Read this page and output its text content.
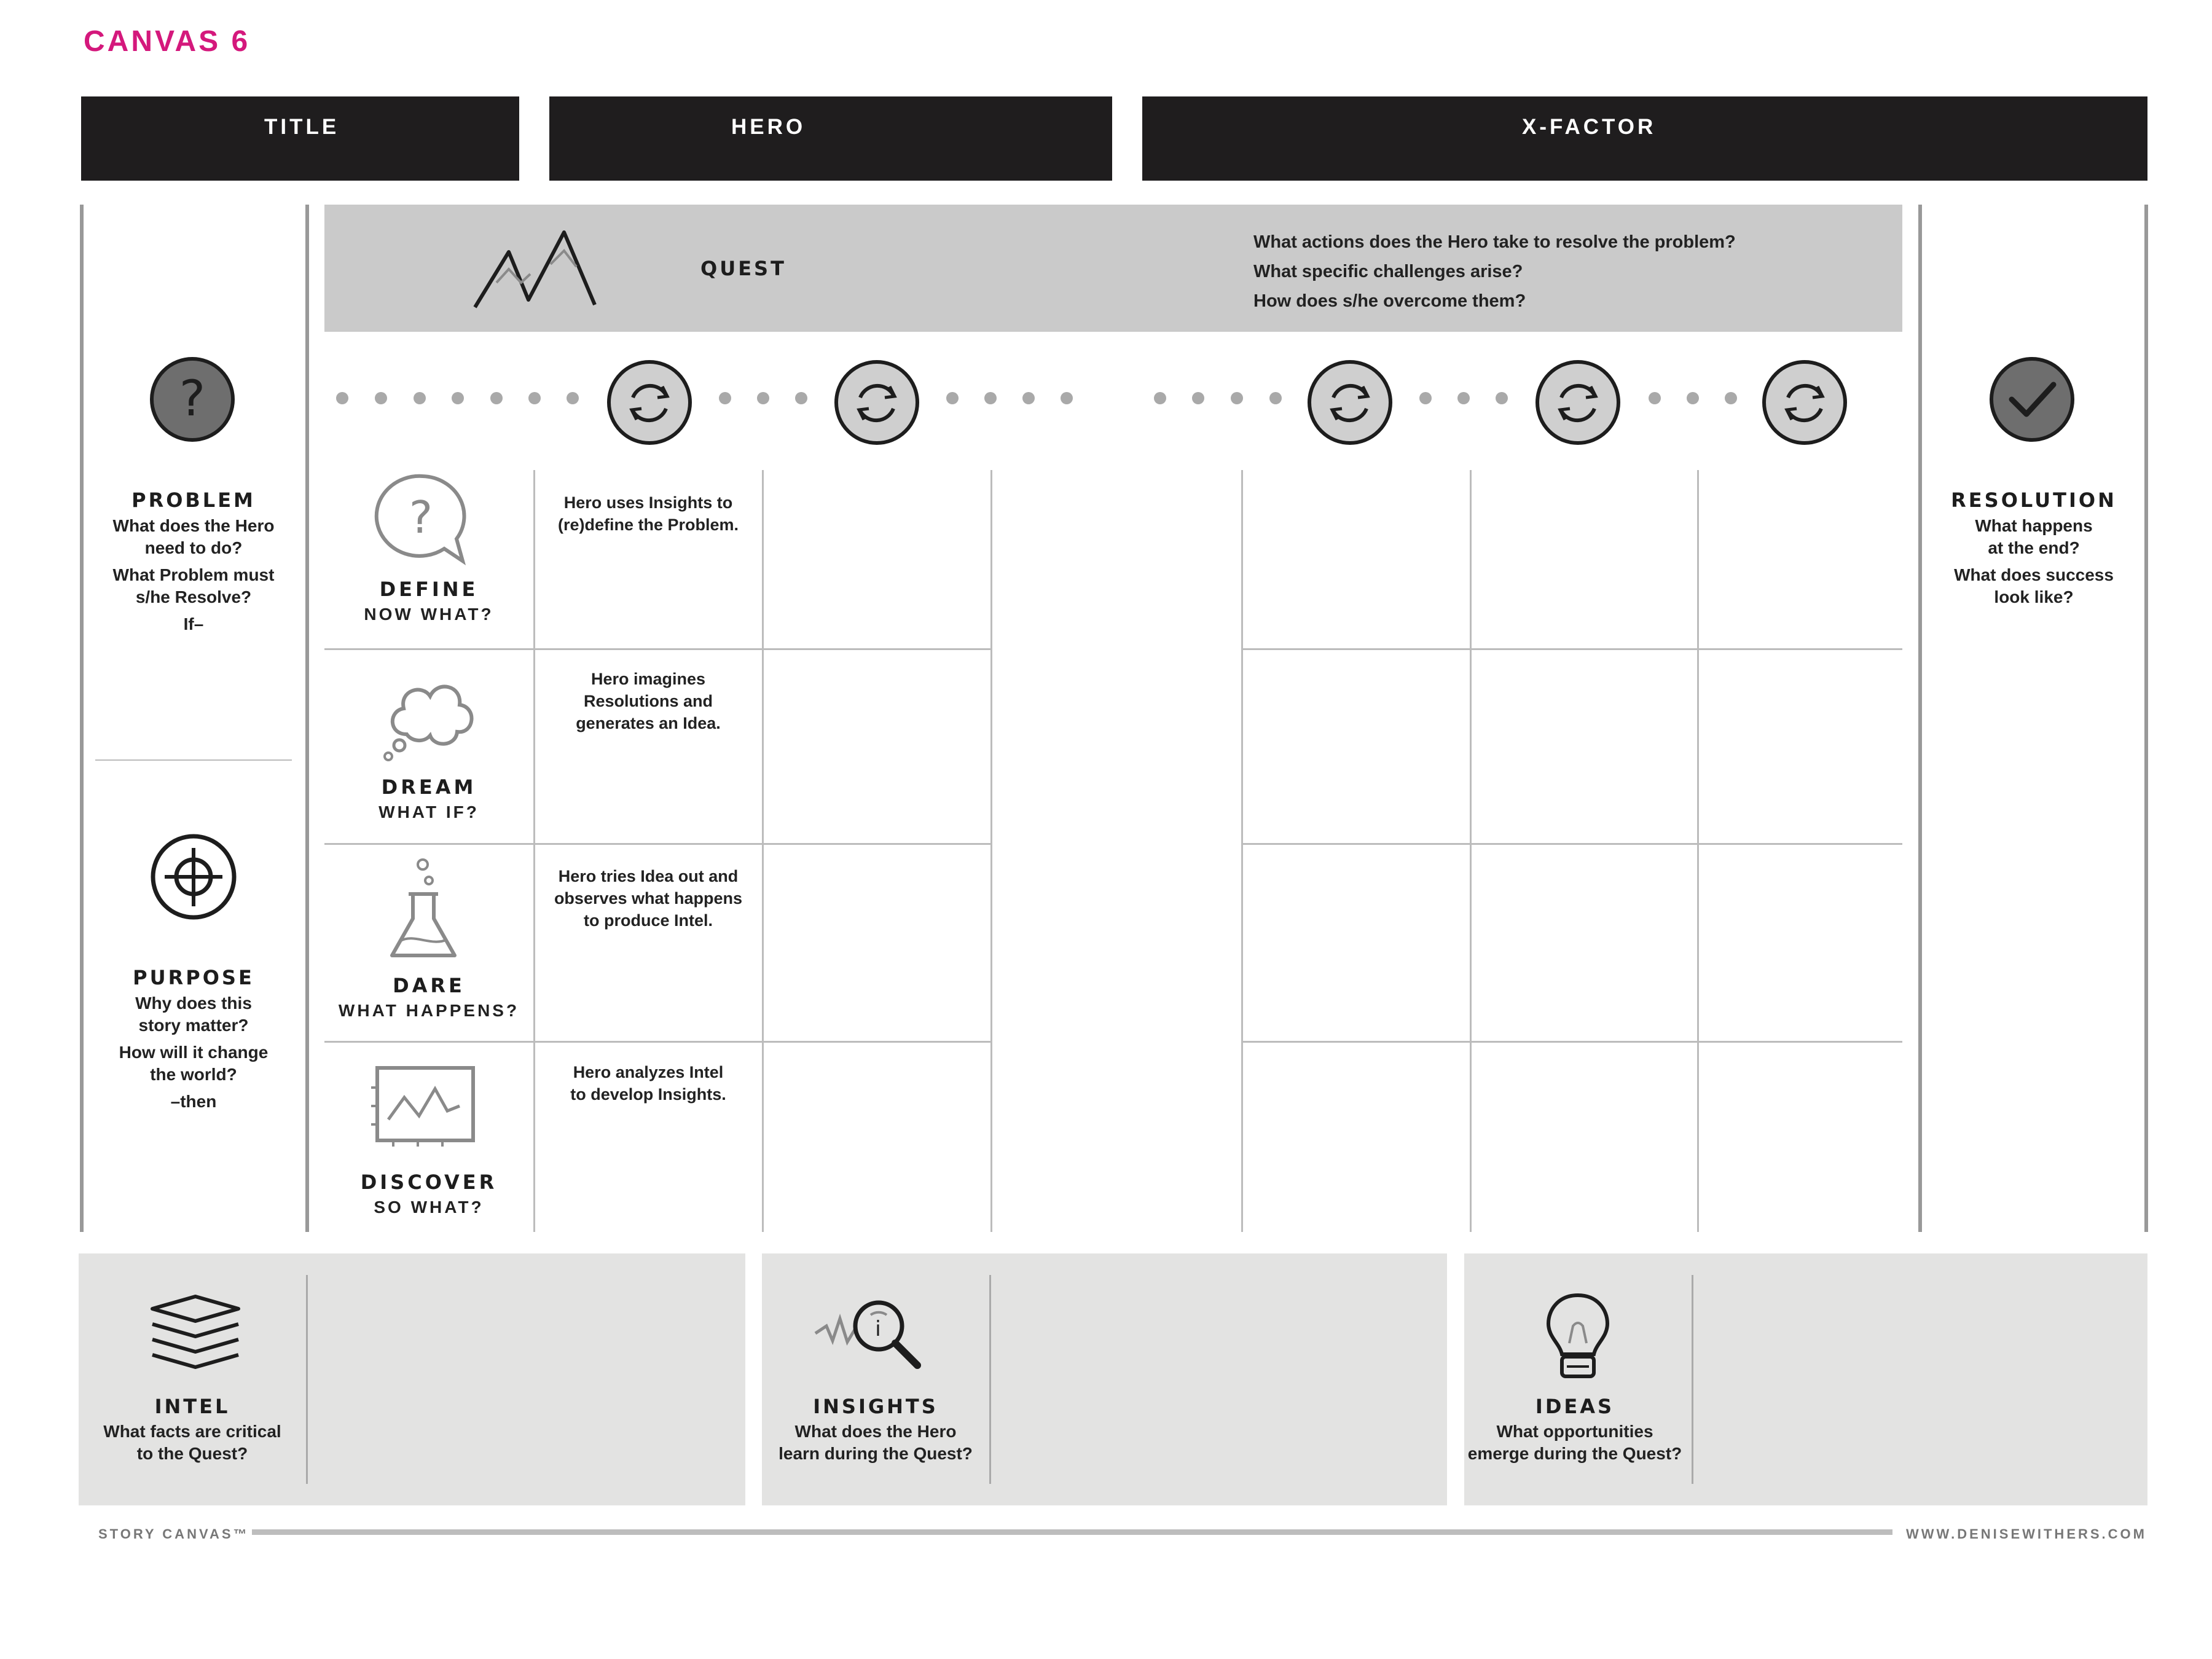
CANVAS 6
TITLE	HERO	X-FACTOR
?
PROBLEM
What does the Hero
need to do?
What Problem must
s/he Resolve?
If–
PURPOSE
Why does this
story matter?
How will it change
the world?
–then
RESOLUTION
What happens
at the end?
What does success
look like?
QUEST
What actions does the Hero take to resolve the problem?
What specific challenges arise?
How does s/he overcome them?
?
DEFINE
NOW WHAT?
Hero uses Insights to
(re)define the Problem.
DREAM
WHAT IF?
Hero imagines
Resolutions and
generates an Idea.
DARE
WHAT HAPPENS?
Hero tries Idea out and
observes what happens
to produce Intel.
DISCOVER
SO WHAT?
Hero analyzes Intel
to develop Insights.
INTEL
What facts are critical
to the Quest?
i
INSIGHTS
What does the Hero
learn during the Quest?
IDEAS
What opportunities
emerge during the Quest?
STORY CANVAS™	WWW.DENISEWITHERS.COM
